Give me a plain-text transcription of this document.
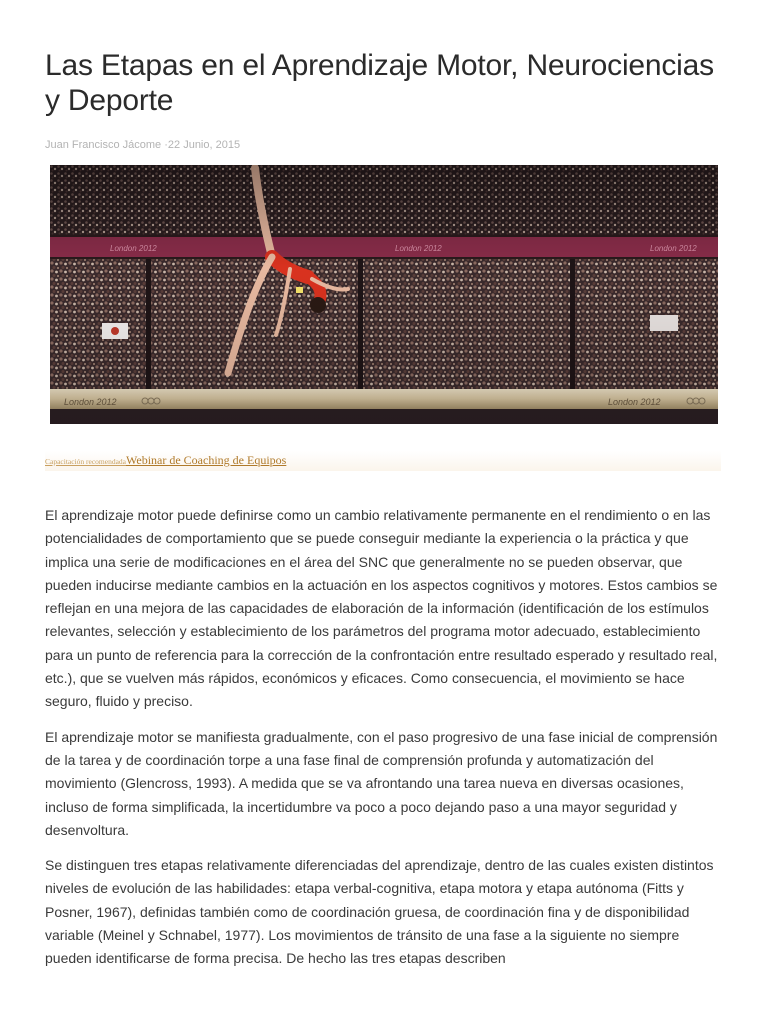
Las Etapas en el Aprendizaje Motor, Neurociencias y Deporte
Juan Francisco Jácome ·22 Junio, 2015
Capacitación recomendadaWebinar de Coaching de Equipos

El aprendizaje motor puede definirse como un cambio relativamente permanente en el rendimiento o en las potencialidades de comportamiento que se puede conseguir mediante la experiencia o la práctica y que implica una serie de modificaciones en el área del SNC que generalmente no se pueden observar, que pueden inducirse mediante cambios en la actuación en los aspectos cognitivos y motores. Estos cambios se reflejan en una mejora de las capacidades de elaboración de la información (identificación de los estímulos relevantes, selección y establecimiento de los parámetros del programa motor adecuado, establecimiento para un punto de referencia para la corrección de la confrontación entre resultado esperado y resultado real, etc.), que se vuelven más rápidos, económicos y eficaces. Como consecuencia, el movimiento se hace seguro, fluido y preciso.

El aprendizaje motor se manifiesta gradualmente, con el paso progresivo de una fase inicial de comprensión de la tarea y de coordinación torpe a una fase final de comprensión profunda y automatización del movimiento (Glencross, 1993). A medida que se va afrontando una tarea nueva en diversas ocasiones, incluso de forma simplificada, la incertidumbre va poco a poco dejando paso a una mayor seguridad y desenvoltura.

Se distinguen tres etapas relativamente diferenciadas del aprendizaje, dentro de las cuales existen distintos niveles de evolución de las habilidades: etapa verbal-cognitiva, etapa motora y etapa autónoma (Fitts y Posner, 1967), definidas también como de coordinación gruesa, de coordinación fina y de disponibilidad variable (Meinel y Schnabel, 1977). Los movimientos de tránsito de una fase a la siguiente no siempre pueden identificarse de forma precisa. De hecho las tres etapas describen
